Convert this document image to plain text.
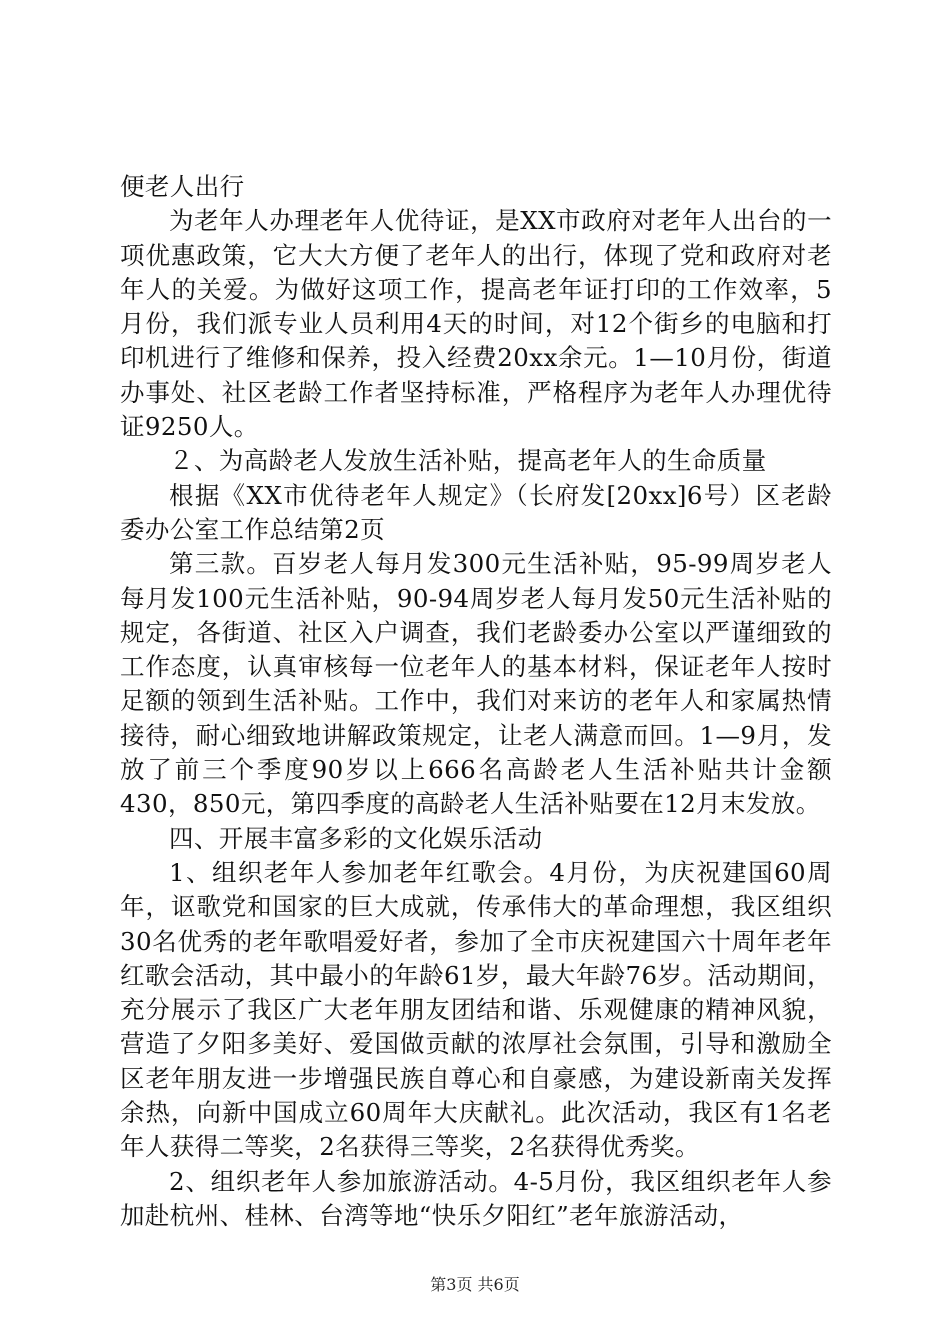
便老人出行

为老年人办理老年人优待证，是XX市政府对老年人出台的一项优惠政策，它大大方便了老年人的出行，体现了党和政府对老年人的关爱。为做好这项工作，提高老年证打印的工作效率，5月份，我们派专业人员利用4天的时间，对12个街乡的电脑和打印机进行了维修和保养，投入经费20xx余元。1—10月份，街道办事处、社区老龄工作者坚持标准，严格程序为老年人办理优待证9250人。

２、为高龄老人发放生活补贴，提高老年人的生命质量

根据《XX市优待老年人规定》（长府发[20xx]6号）区老龄委办公室工作总结第2页

第三款。百岁老人每月发300元生活补贴，95-99周岁老人每月发100元生活补贴，90-94周岁老人每月发50元生活补贴的规定，各街道、社区入户调查，我们老龄委办公室以严谨细致的工作态度，认真审核每一位老年人的基本材料，保证老年人按时足额的领到生活补贴。工作中，我们对来访的老年人和家属热情接待，耐心细致地讲解政策规定，让老人满意而回。1—9月，发放了前三个季度90岁以上666名高龄老人生活补贴共计金额430，850元，第四季度的高龄老人生活补贴要在12月末发放。

四、开展丰富多彩的文化娱乐活动

1、组织老年人参加老年红歌会。4月份，为庆祝建国60周年，讴歌党和国家的巨大成就，传承伟大的革命理想，我区组织30名优秀的老年歌唱爱好者，参加了全市庆祝建国六十周年老年红歌会活动，其中最小的年龄61岁，最大年龄76岁。活动期间，充分展示了我区广大老年朋友团结和谐、乐观健康的精神风貌，营造了夕阳多美好、爱国做贡献的浓厚社会氛围，引导和激励全区老年朋友进一步增强民族自尊心和自豪感，为建设新南关发挥余热，向新中国成立60周年大庆献礼。此次活动，我区有1名老年人获得二等奖，2名获得三等奖，2名获得优秀奖。

2、组织老年人参加旅游活动。4-5月份，我区组织老年人参加赴杭州、桂林、台湾等地“快乐夕阳红”老年旅游活动，

第3页 共6页
